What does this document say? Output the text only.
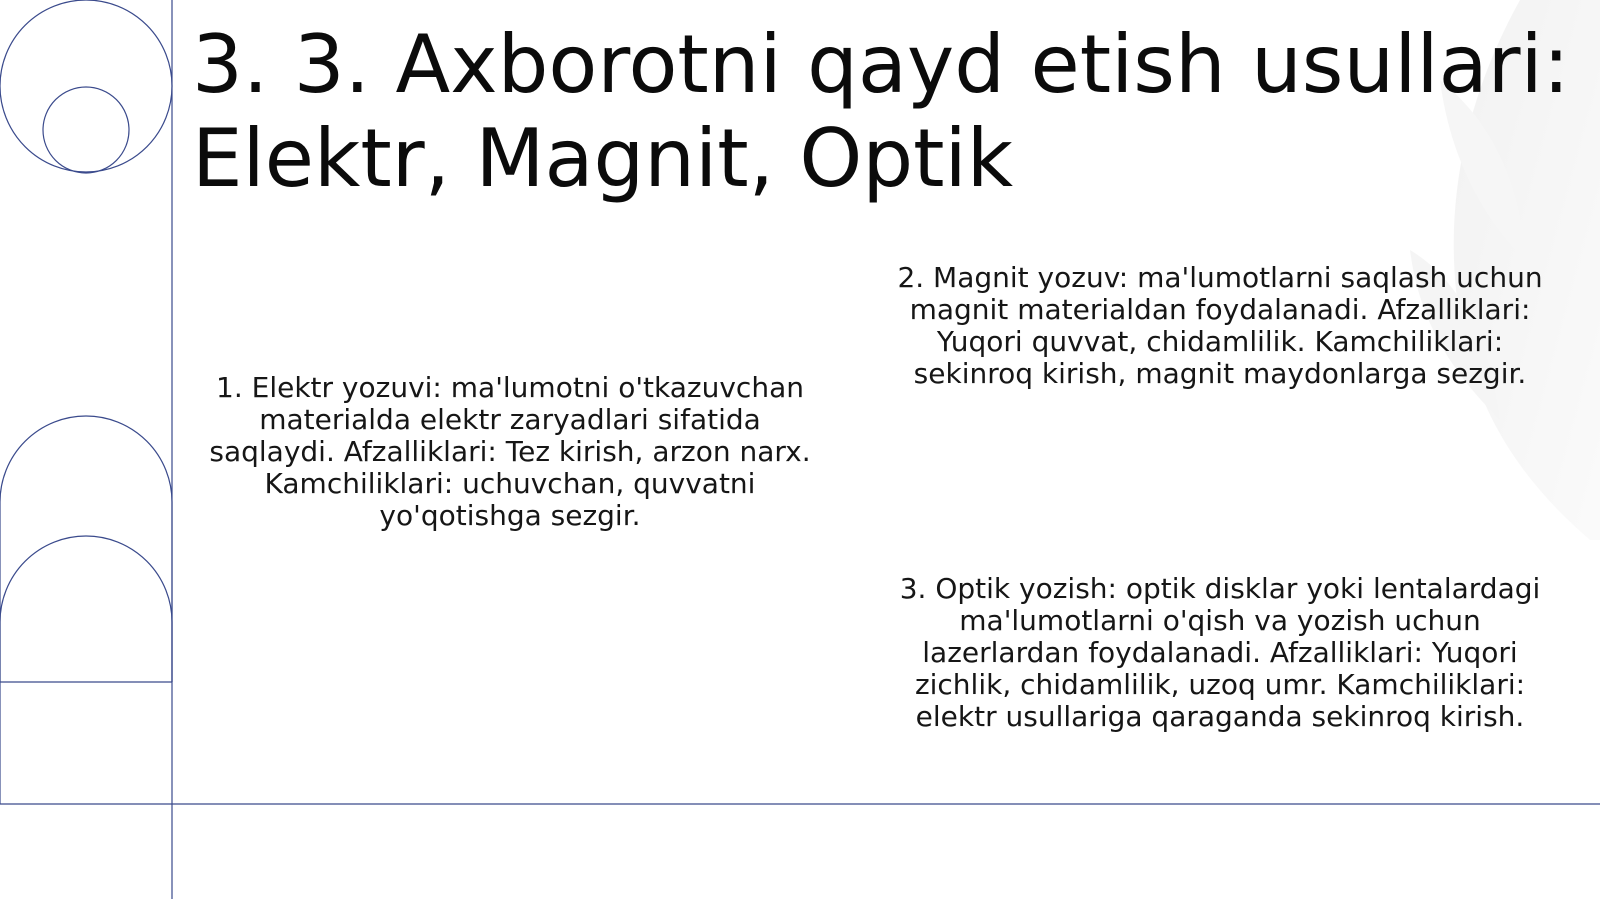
3. 3. Axborotni qayd etish usullari: Elektr, Magnit, Optik

1. Elektr yozuvi: ma'lumotni o'tkazuvchan materialda elektr zaryadlari sifatida saqlaydi. Afzalliklari: Tez kirish, arzon narx. Kamchiliklari: uchuvchan, quvvatni yo'qotishga sezgir.

2. Magnit yozuv: ma'lumotlarni saqlash uchun magnit materialdan foydalanadi. Afzalliklari: Yuqori quvvat, chidamlilik. Kamchiliklari: sekinroq kirish, magnit maydonlarga sezgir.

3. Optik yozish: optik disklar yoki lentalardagi ma'lumotlarni o'qish va yozish uchun lazerlardan foydalanadi. Afzalliklari: Yuqori zichlik, chidamlilik, uzoq umr. Kamchiliklari: elektr usullariga qaraganda sekinroq kirish.
